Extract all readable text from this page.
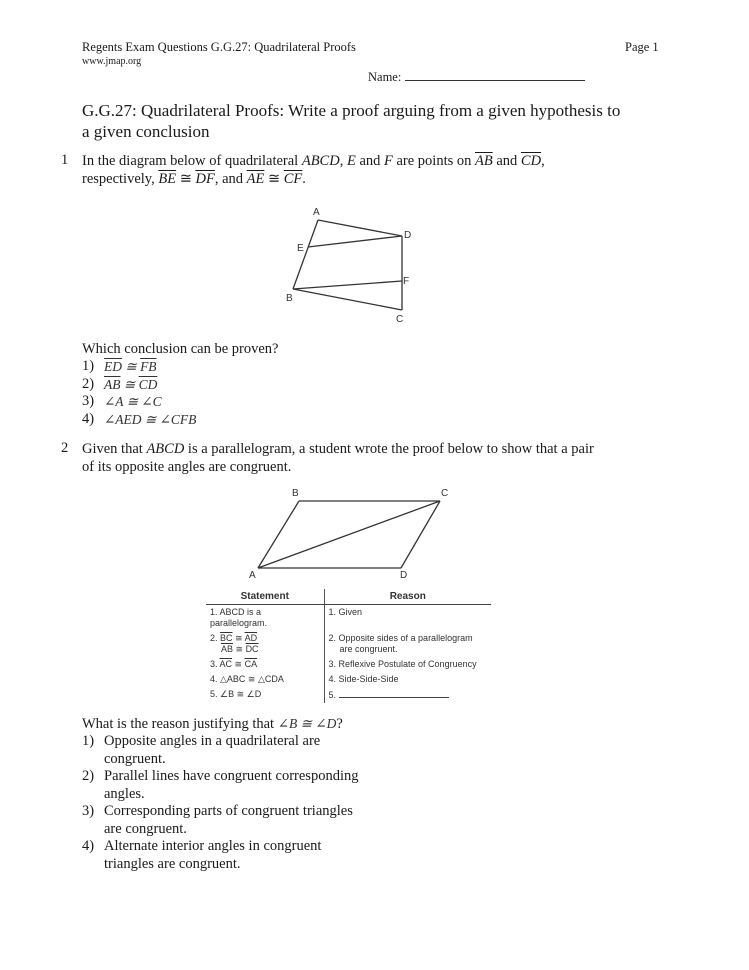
Regents Exam Questions G.G.27: Quadrilateral Proofs
www.jmap.org
Page 1
Name:
G.G.27: Quadrilateral Proofs: Write a proof arguing from a given hypothesis to a given conclusion
1 In the diagram below of quadrilateral ABCD, E and F are points on $\overline{AB}$ and $\overline{CD}$,
respectively, $\overline{BE}$ ≅ $\overline{DF}$, and $\overline{AE}$ ≅ $\overline{CF}$.
A
D
E
F
B
C
Which conclusion can be proven?
1) $\overline{ED}$ ≅ $\overline{FB}$
2) $\overline{AB}$ ≅ $\overline{CD}$
3) ∠A ≅ ∠C
4) ∠AED ≅ ∠CFB
2 Given that ABCD is a parallelogram, a student wrote the proof below to show that a pair
of its opposite angles are congruent.
B	C
A	D
Statement	Reason
1. ABCD is a parallelogram.	1. Given
2. $\overline{BC}$ ≅ $\overline{AD}$
$\overline{AB}$ ≅ $\overline{DC}$	2. Opposite sides of a parallelogram
are congruent.
3. $\overline{AC}$ ≅ $\overline{CA}$	3. Reflexive Postulate of Congruency
4. △ABC ≅ △CDA	4. Side-Side-Side
5. ∠B ≅ ∠D	5.
What is the reason justifying that ∠B ≅ ∠D?
1) Opposite angles in a quadrilateral are congruent.
2) Parallel lines have congruent corresponding angles.
3) Corresponding parts of congruent triangles are congruent.
4) Alternate interior angles in congruent triangles are congruent.
